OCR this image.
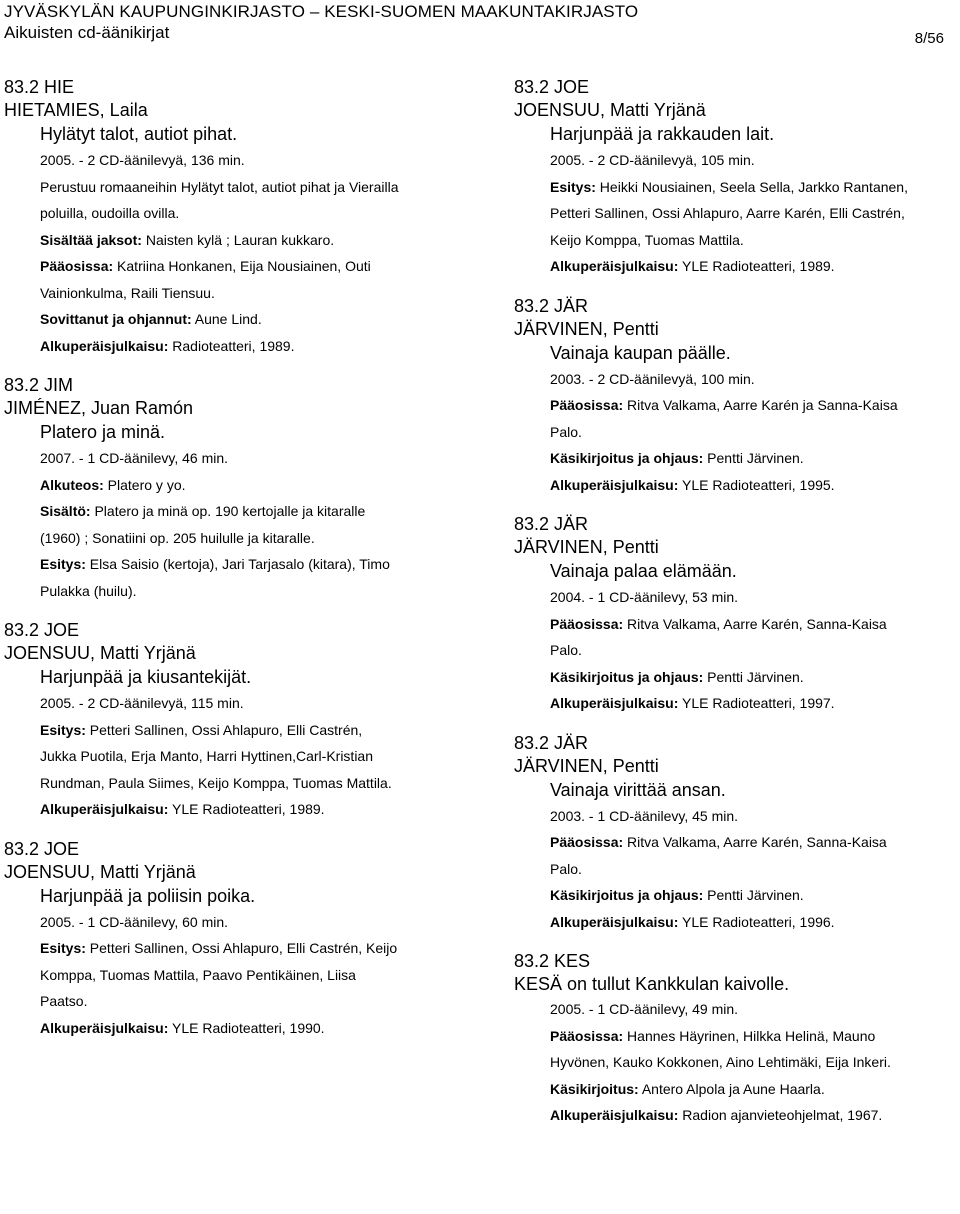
JYVÄSKYLÄN KAUPUNGINKIRJASTO – KESKI-SUOMEN MAAKUNTAKIRJASTO
Aikuisten cd-äänikirjat	8/56
83.2 HIE
HIETAMIES, Laila
Hylätyt talot, autiot pihat.
2005. - 2 CD-äänilevyä, 136 min.
Perustuu romaaneihin Hylätyt talot, autiot pihat ja Vierailla
poluilla, oudoilla ovilla.
Sisältää jaksot: Naisten kylä ; Lauran kukkaro.
Pääosissa: Katriina Honkanen, Eija Nousiainen, Outi
Vainionkulma, Raili Tiensuu.
Sovittanut ja ohjannut: Aune Lind.
Alkuperäisjulkaisu: Radioteatteri, 1989.
83.2 JIM
JIMÉNEZ, Juan Ramón
Platero ja minä.
2007. - 1 CD-äänilevy, 46 min.
Alkuteos: Platero y yo.
Sisältö: Platero ja minä op. 190 kertojalle ja kitaralle
(1960) ; Sonatiini op. 205 huilulle ja kitaralle.
Esitys: Elsa Saisio (kertoja), Jari Tarjasalo (kitara), Timo
Pulakka (huilu).
83.2 JOE
JOENSUU, Matti Yrjänä
Harjunpää ja kiusantekijät.
2005. - 2 CD-äänilevyä, 115 min.
Esitys: Petteri Sallinen, Ossi Ahlapuro, Elli Castrén,
Jukka Puotila, Erja Manto, Harri Hyttinen,Carl-Kristian
Rundman, Paula Siimes, Keijo Komppa, Tuomas Mattila.
Alkuperäisjulkaisu: YLE Radioteatteri, 1989.
83.2 JOE
JOENSUU, Matti Yrjänä
Harjunpää ja poliisin poika.
2005. - 1 CD-äänilevy, 60 min.
Esitys: Petteri Sallinen, Ossi Ahlapuro, Elli Castrén, Keijo
Komppa, Tuomas Mattila, Paavo Pentikäinen, Liisa
Paatso.
Alkuperäisjulkaisu: YLE Radioteatteri, 1990.
83.2 JOE
JOENSUU, Matti Yrjänä
Harjunpää ja rakkauden lait.
2005. - 2 CD-äänilevyä, 105 min.
Esitys: Heikki Nousiainen, Seela Sella, Jarkko Rantanen,
Petteri Sallinen, Ossi Ahlapuro, Aarre Karén, Elli Castrén,
Keijo Komppa, Tuomas Mattila.
Alkuperäisjulkaisu: YLE Radioteatteri, 1989.
83.2 JÄR
JÄRVINEN, Pentti
Vainaja kaupan päälle.
2003. - 2 CD-äänilevyä, 100 min.
Pääosissa: Ritva Valkama, Aarre Karén ja Sanna-Kaisa
Palo.
Käsikirjoitus ja ohjaus: Pentti Järvinen.
Alkuperäisjulkaisu: YLE Radioteatteri, 1995.
83.2 JÄR
JÄRVINEN, Pentti
Vainaja palaa elämään.
2004. - 1 CD-äänilevy, 53 min.
Pääosissa: Ritva Valkama, Aarre Karén, Sanna-Kaisa
Palo.
Käsikirjoitus ja ohjaus: Pentti Järvinen.
Alkuperäisjulkaisu: YLE Radioteatteri, 1997.
83.2 JÄR
JÄRVINEN, Pentti
Vainaja virittää ansan.
2003. - 1 CD-äänilevy, 45 min.
Pääosissa: Ritva Valkama, Aarre Karén, Sanna-Kaisa
Palo.
Käsikirjoitus ja ohjaus: Pentti Järvinen.
Alkuperäisjulkaisu: YLE Radioteatteri, 1996.
83.2 KES
KESÄ on tullut Kankkulan kaivolle.
2005. - 1 CD-äänilevy, 49 min.
Pääosissa: Hannes Häyrinen, Hilkka Helinä, Mauno
Hyvönen, Kauko Kokkonen, Aino Lehtimäki, Eija Inkeri.
Käsikirjoitus: Antero Alpola ja Aune Haarla.
Alkuperäisjulkaisu: Radion ajanvieteohjelmat, 1967.
